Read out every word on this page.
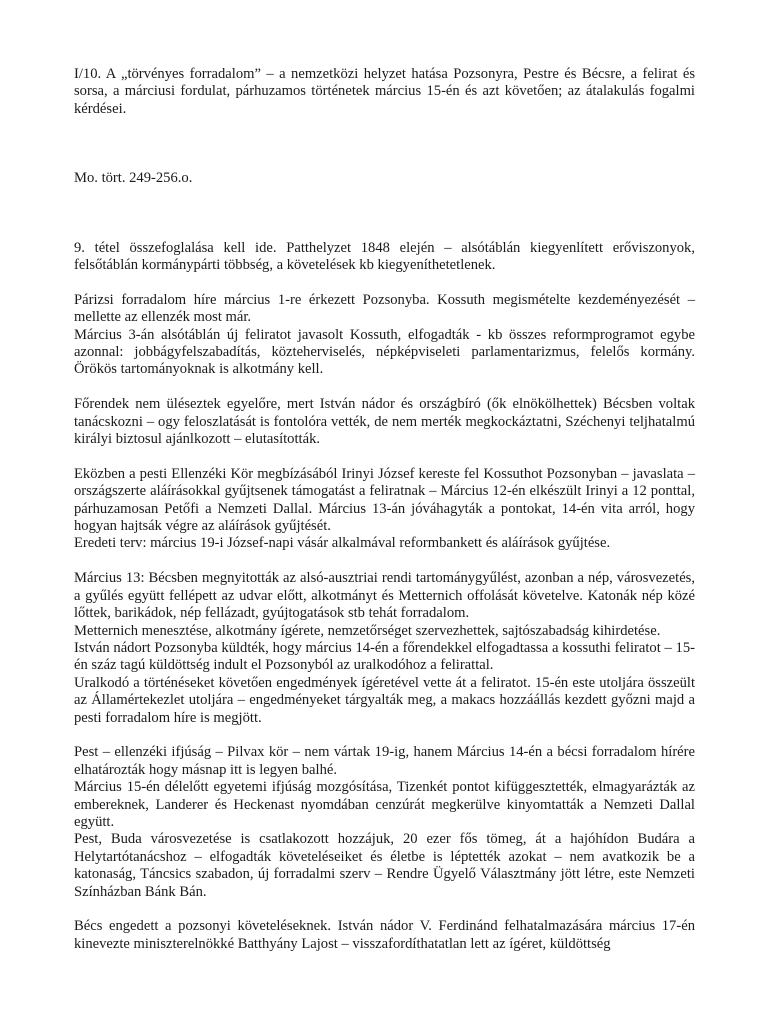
I/10. A „törvényes forradalom” – a nemzetközi helyzet hatása Pozsonyra, Pestre és Bécsre, a felirat és sorsa, a márciusi fordulat, párhuzamos történetek március 15-én és azt követően; az átalakulás fogalmi kérdései.

Mo. tört. 249-256.o.

9. tétel összefoglalása kell ide. Patthelyzet 1848 elején – alsótáblán kiegyenlített erőviszonyok, felsőtáblán kormánypárti többség, a követelések kb kiegyeníthetetlenek.

Párizsi forradalom híre március 1-re érkezett Pozsonyba. Kossuth megismételte kezdeményezését – mellette az ellenzék most már.
Március 3-án alsótáblán új feliratot javasolt Kossuth, elfogadták - kb összes reformprogramot egybe azonnal: jobbágyfelszabadítás, közteherviselés, népképviseleti parlamentarizmus, felelős kormány. Örökös tartományoknak is alkotmány kell.

Főrendek nem üléseztek egyelőre, mert István nádor és országbíró (ők elnökölhettek) Bécsben voltak tanácskozni – ogy feloszlatását is fontolóra vették, de nem merték megkockáztatni, Széchenyi teljhatalmú királyi biztosul ajánlkozott – elutasították.

Eközben a pesti Ellenzéki Kör megbízásából Irinyi József kereste fel Kossuthot Pozsonyban – javaslata – országszerte aláírásokkal gyűjtsenek támogatást a feliratnak – Március 12-én elkészült Irinyi a 12 ponttal, párhuzamosan Petőfi a Nemzeti Dallal. Március 13-án jóváhagyták a pontokat, 14-én vita arról, hogy hogyan hajtsák végre az aláírások gyűjtését.
Eredeti terv: március 19-i József-napi vásár alkalmával reformbankett és aláírások gyűjtése.

Március 13: Bécsben megnyitották az alsó-ausztriai rendi tartománygyűlést, azonban a nép, városvezetés, a gyűlés együtt fellépett az udvar előtt, alkotmányt és Metternich offolását követelve. Katonák nép közé lőttek, barikádok, nép fellázadt, gyújtogatások stb tehát forradalom.
Metternich menesztése, alkotmány ígérete, nemzetőrséget szervezhettek, sajtószabadság kihirdetése.
István nádort Pozsonyba küldték, hogy március 14-én a főrendekkel elfogadtassa a kossuthi feliratot – 15-én száz tagú küldöttség indult el Pozsonyból az uralkodóhoz a felirattal.
Uralkodó a történéseket követően engedmények ígéretével vette át a feliratot. 15-én este utoljára összeült az Államértekezlet utoljára – engedményeket tárgyalták meg, a makacs hozzáállás kezdett győzni majd a pesti forradalom híre is megjött.

Pest – ellenzéki ifjúság – Pilvax kör – nem vártak 19-ig, hanem Március 14-én a bécsi forradalom hírére elhatározták hogy másnap itt is legyen balhé.
Március 15-én délelőtt egyetemi ifjúság mozgósítása, Tizenkét pontot kifüggesztették, elmagyarázták az embereknek, Landerer és Heckenast nyomdában cenzúrát megkerülve kinyomtatták a Nemzeti Dallal együtt.
Pest, Buda városvezetése is csatlakozott hozzájuk, 20 ezer fős tömeg, át a hajóhídon Budára a Helytartótanácshoz – elfogadták követeléseiket és életbe is léptették azokat – nem avatkozik be a katonaság, Táncsics szabadon, új forradalmi szerv – Rendre Ügyelő Választmány jött létre, este Nemzeti Színházban Bánk Bán.

Bécs engedett a pozsonyi követeléseknek. István nádor V. Ferdinánd felhatalmazására március 17-én kinevezte miniszterelnökké Batthyány Lajost – visszafordíthatatlan lett az ígéret, küldöttség
